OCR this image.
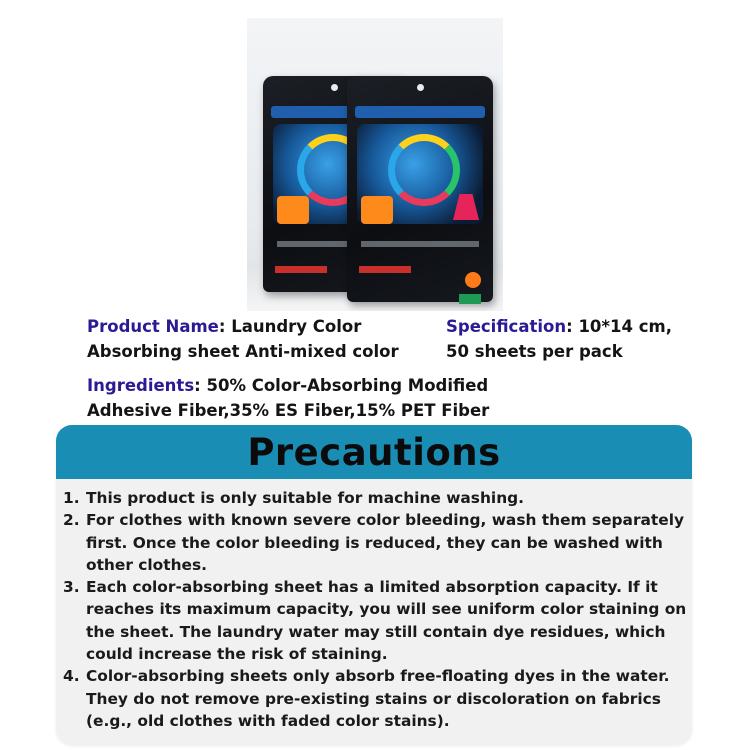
Product Name: Laundry Color
Absorbing sheet Anti-mixed color
Specification: 10*14 cm,
50 sheets per pack
Ingredients: 50% Color-Absorbing Modified
Adhesive Fiber,35% ES Fiber,15% PET Fiber
Precautions
1. This product is only suitable for machine washing.
2. For clothes with known severe color bleeding, wash them separately first. Once the color bleeding is reduced, they can be washed with other clothes.
3. Each color-absorbing sheet has a limited absorption capacity. If it reaches its maximum capacity, you will see uniform color staining on the sheet. The laundry water may still contain dye residues, which could increase the risk of staining.
4. Color-absorbing sheets only absorb free-floating dyes in the water. They do not remove pre-existing stains or discoloration on fabrics (e.g., old clothes with faded color stains).
